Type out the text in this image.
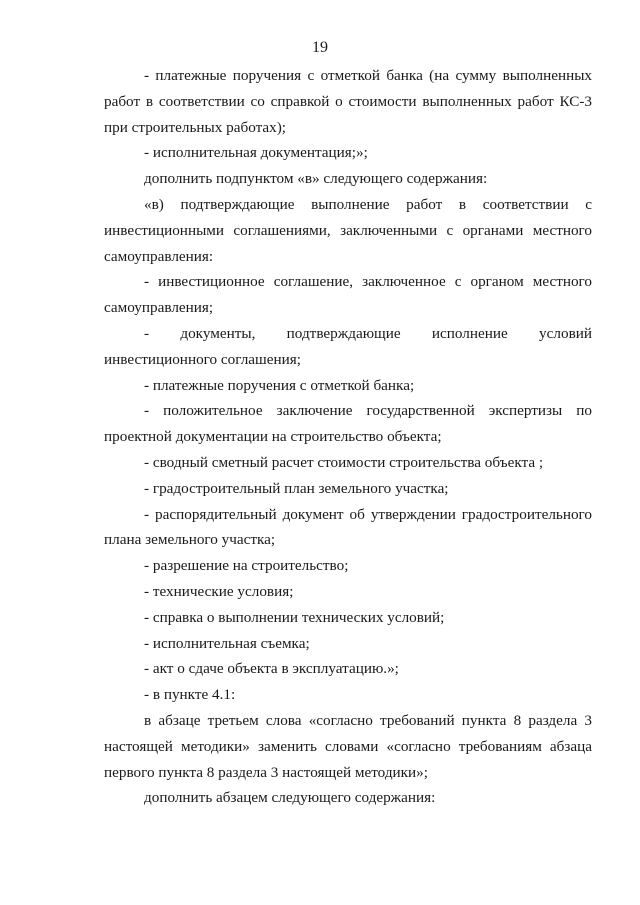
19

- платежные поручения с отметкой банка (на сумму выполненных работ в соответствии со справкой о стоимости выполненных работ КС-3 при строительных работах);

- исполнительная документация;»;

дополнить подпунктом «в» следующего содержания:

«в) подтверждающие выполнение работ в соответствии с инвестиционными соглашениями, заключенными с органами местного самоуправления:

- инвестиционное соглашение, заключенное с органом местного самоуправления;

- документы, подтверждающие исполнение условий инвестиционного соглашения;

- платежные поручения с отметкой банка;

- положительное заключение государственной экспертизы по проектной документации на строительство объекта;

- сводный сметный расчет стоимости строительства объекта ;

- градостроительный план земельного участка;

- распорядительный документ об утверждении градостроительного плана земельного участка;

- разрешение на строительство;

- технические условия;

- справка о выполнении технических условий;

- исполнительная съемка;

- акт о сдаче объекта в эксплуатацию.»;

- в пункте 4.1:

в абзаце третьем слова «согласно требований пункта 8 раздела 3 настоящей методики» заменить словами «согласно требованиям абзаца первого пункта 8 раздела 3 настоящей методики»;

дополнить абзацем следующего содержания:
